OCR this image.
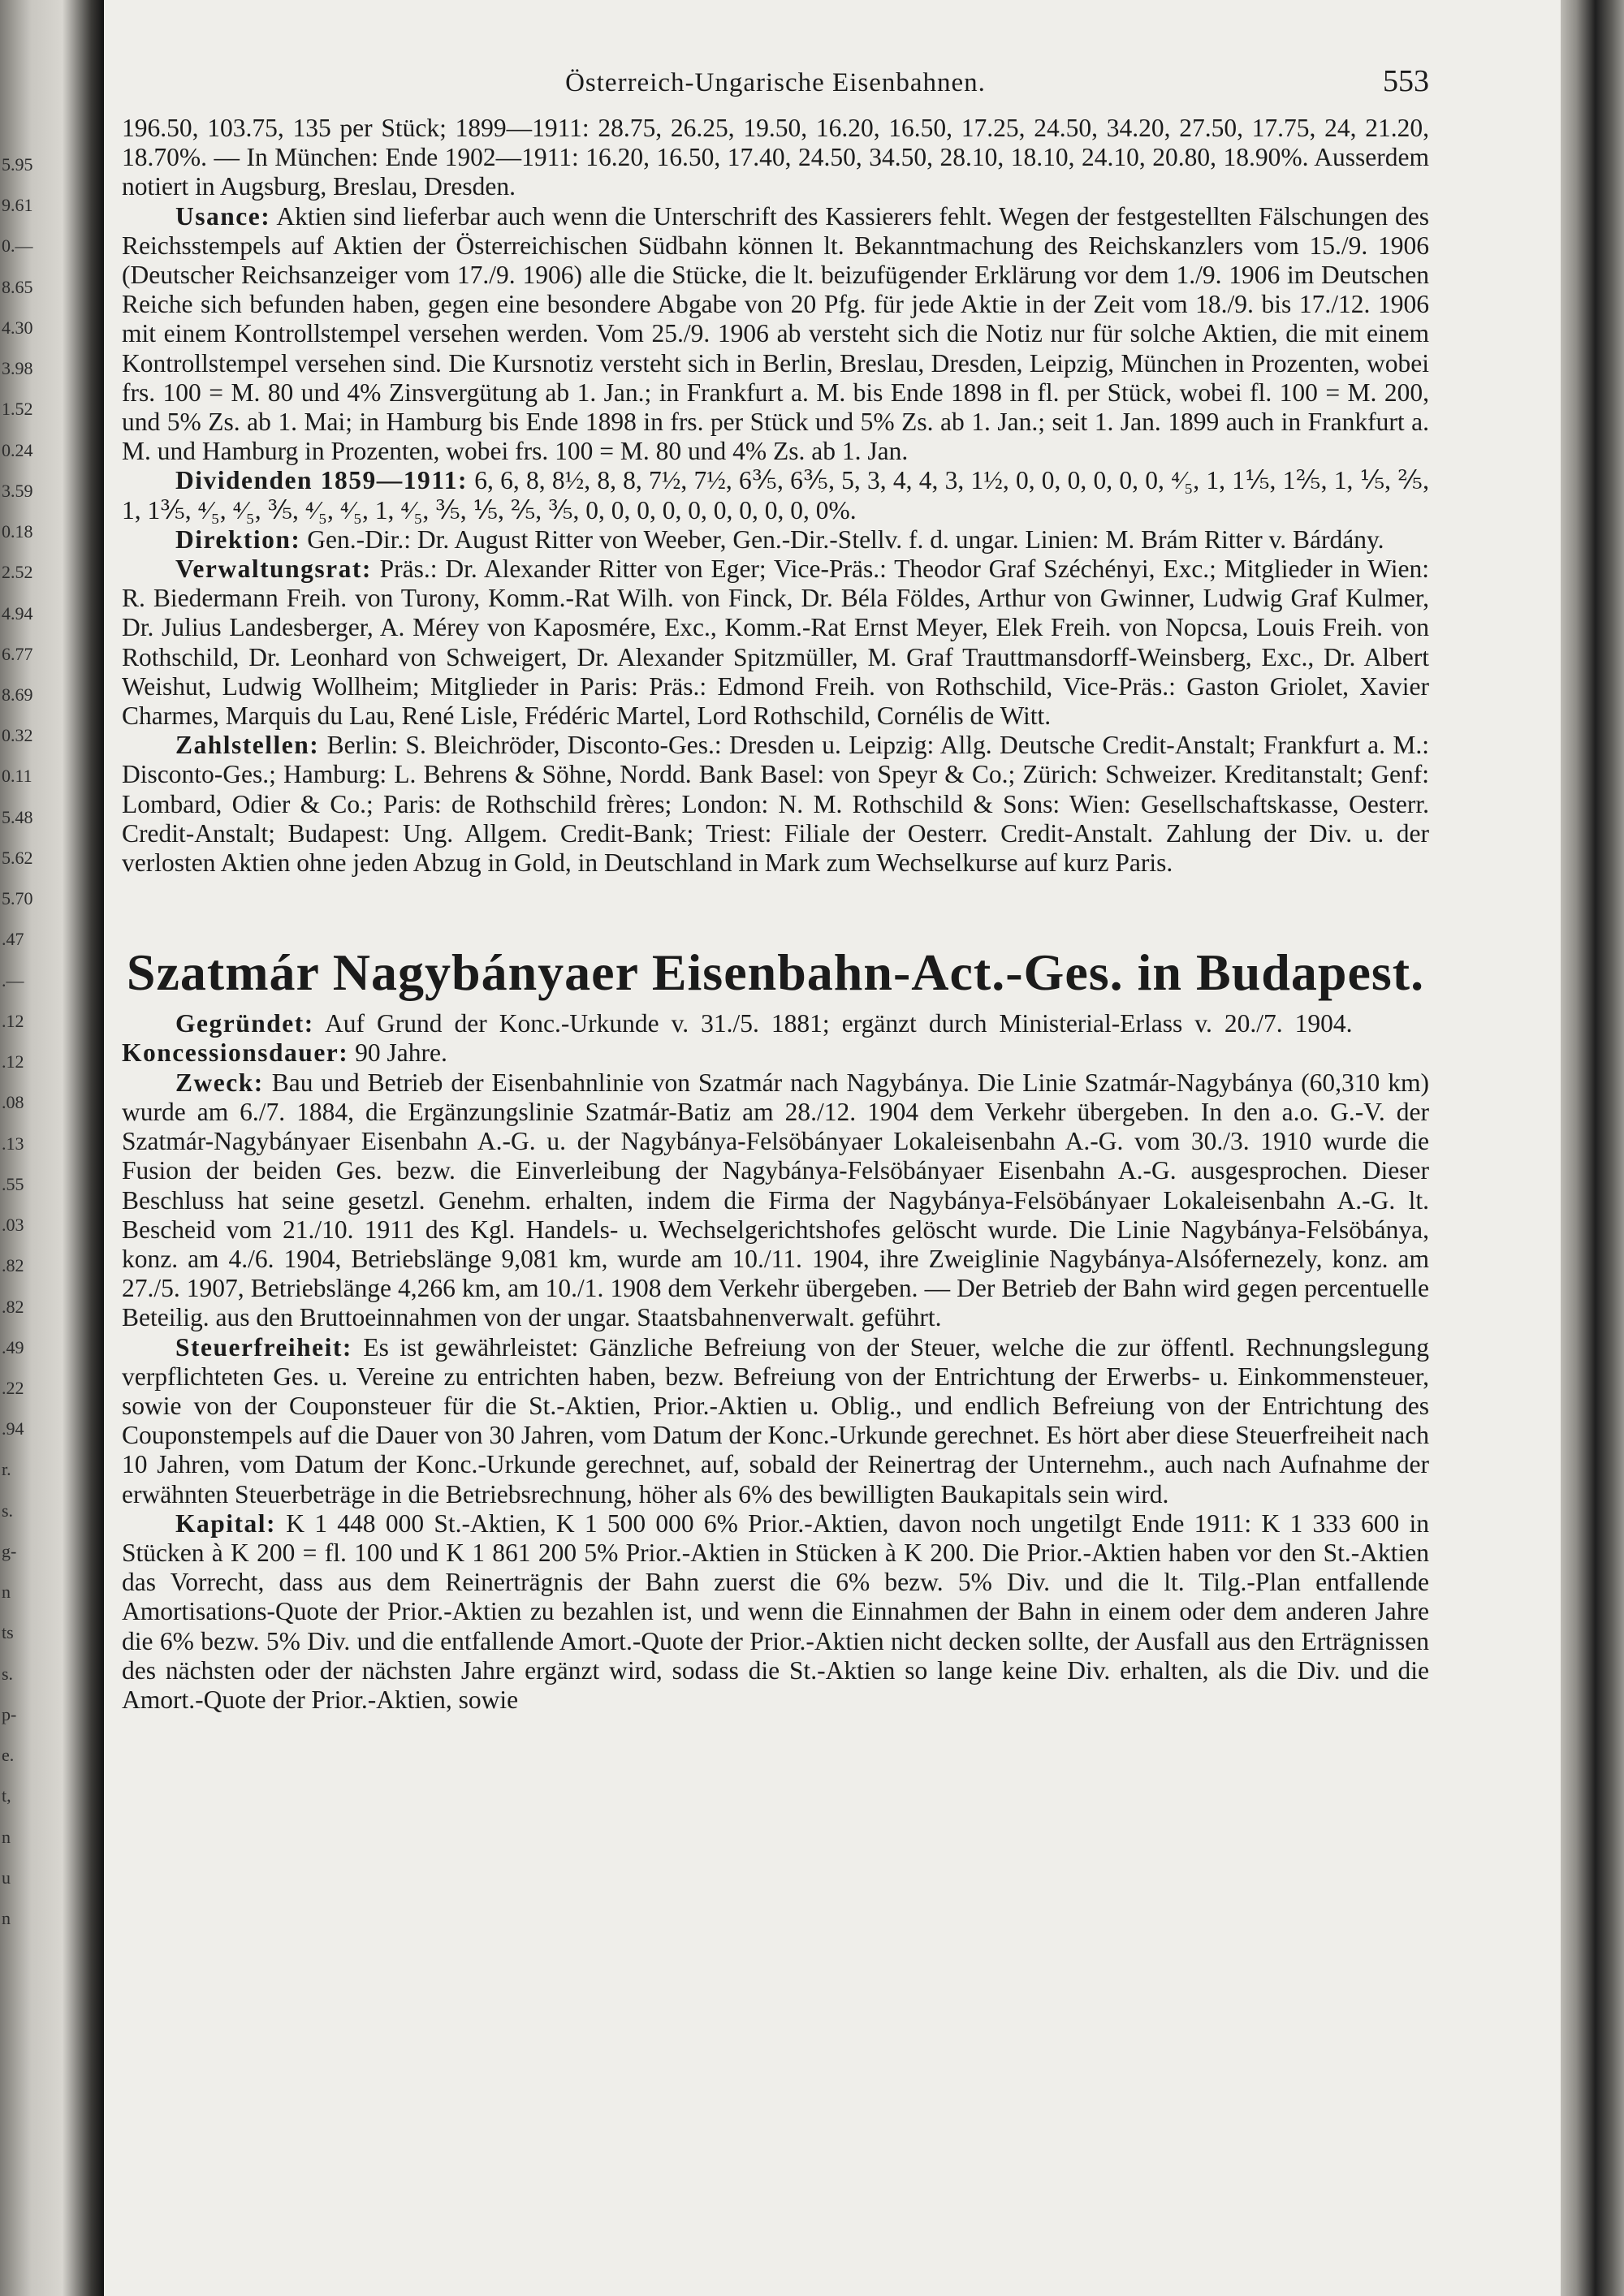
5.95
9.61
0.—
8.65
4.30
3.98
1.52
0.24
3.59
0.18
2.52
4.94
6.77
8.69
0.32
0.11
5.48
5.62
5.70
.47
.—
.12
.12
.08
.13
.55
.03
.82
.82
.49
.22
.94
r.
s.
g-
n
ts
s.
p-
e.
t,
n
u
n
Österreich-Ungarische Eisenbahnen.	553

196.50, 103.75, 135 per Stück; 1899—1911: 28.75, 26.25, 19.50, 16.20, 16.50, 17.25, 24.50, 34.20, 27.50, 17.75, 24, 21.20, 18.70%. — In München: Ende 1902—1911: 16.20, 16.50, 17.40, 24.50, 34.50, 28.10, 18.10, 24.10, 20.80, 18.90%. Ausserdem notiert in Augsburg, Breslau, Dresden.

Usance: Aktien sind lieferbar auch wenn die Unterschrift des Kassierers fehlt. Wegen der festgestellten Fälschungen des Reichsstempels auf Aktien der Österreichischen Südbahn können lt. Bekanntmachung des Reichskanzlers vom 15./9. 1906 (Deutscher Reichsanzeiger vom 17./9. 1906) alle die Stücke, die lt. beizufügender Erklärung vor dem 1./9. 1906 im Deutschen Reiche sich befunden haben, gegen eine besondere Abgabe von 20 Pfg. für jede Aktie in der Zeit vom 18./9. bis 17./12. 1906 mit einem Kontrollstempel versehen werden. Vom 25./9. 1906 ab versteht sich die Notiz nur für solche Aktien, die mit einem Kontrollstempel versehen sind. Die Kursnotiz versteht sich in Berlin, Breslau, Dresden, Leipzig, München in Prozenten, wobei frs. 100 = M. 80 und 4% Zinsvergütung ab 1. Jan.; in Frankfurt a. M. bis Ende 1898 in fl. per Stück, wobei fl. 100 = M. 200, und 5% Zs. ab 1. Mai; in Hamburg bis Ende 1898 in frs. per Stück und 5% Zs. ab 1. Jan.; seit 1. Jan. 1899 auch in Frankfurt a. M. und Hamburg in Prozenten, wobei frs. 100 = M. 80 und 4% Zs. ab 1. Jan.

Dividenden 1859—1911: 6, 6, 8, 8½, 8, 8, 7½, 7½, 6⅗, 6⅗, 5, 3, 4, 4, 3, 1½, 0, 0, 0, 0, 0, 0, ⁴⁄₅, 1, 1⅕, 1⅖, 1, ⅕, ⅖, 1, 1⅗, ⁴⁄₅, ⁴⁄₅, ⅗, ⁴⁄₅, ⁴⁄₅, 1, ⁴⁄₅, ⅗, ⅕, ⅖, ⅗, 0, 0, 0, 0, 0, 0, 0, 0, 0, 0%.

Direktion: Gen.-Dir.: Dr. August Ritter von Weeber, Gen.-Dir.-Stellv. f. d. ungar. Linien: M. Brám Ritter v. Bárdány.

Verwaltungsrat: Präs.: Dr. Alexander Ritter von Eger; Vice-Präs.: Theodor Graf Széchényi, Exc.; Mitglieder in Wien: R. Biedermann Freih. von Turony, Komm.-Rat Wilh. von Finck, Dr. Béla Földes, Arthur von Gwinner, Ludwig Graf Kulmer, Dr. Julius Landesberger, A. Mérey von Kaposmére, Exc., Komm.-Rat Ernst Meyer, Elek Freih. von Nopcsa, Louis Freih. von Rothschild, Dr. Leonhard von Schweigert, Dr. Alexander Spitzmüller, M. Graf Trauttmansdorff-Weinsberg, Exc., Dr. Albert Weishut, Ludwig Wollheim; Mitglieder in Paris: Präs.: Edmond Freih. von Rothschild, Vice-Präs.: Gaston Griolet, Xavier Charmes, Marquis du Lau, René Lisle, Frédéric Martel, Lord Rothschild, Cornélis de Witt.

Zahlstellen: Berlin: S. Bleichröder, Disconto-Ges.: Dresden u. Leipzig: Allg. Deutsche Credit-Anstalt; Frankfurt a. M.: Disconto-Ges.; Hamburg: L. Behrens & Söhne, Nordd. Bank Basel: von Speyr & Co.; Zürich: Schweizer. Kreditanstalt; Genf: Lombard, Odier & Co.; Paris: de Rothschild frères; London: N. M. Rothschild & Sons: Wien: Gesellschaftskasse, Oesterr. Credit-Anstalt; Budapest: Ung. Allgem. Credit-Bank; Triest: Filiale der Oesterr. Credit-Anstalt. Zahlung der Div. u. der verlosten Aktien ohne jeden Abzug in Gold, in Deutschland in Mark zum Wechselkurse auf kurz Paris.

Szatmár Nagybányaer Eisenbahn-Act.-Ges. in Budapest.

Gegründet: Auf Grund der Konc.-Urkunde v. 31./5. 1881; ergänzt durch Ministerial-Erlass v. 20./7. 1904.   Koncessionsdauer: 90 Jahre.

Zweck: Bau und Betrieb der Eisenbahnlinie von Szatmár nach Nagybánya. Die Linie Szatmár-Nagybánya (60,310 km) wurde am 6./7. 1884, die Ergänzungslinie Szatmár-Batiz am 28./12. 1904 dem Verkehr übergeben. In den a.o. G.-V. der Szatmár-Nagybányaer Eisenbahn A.-G. u. der Nagybánya-Felsöbányaer Lokaleisenbahn A.-G. vom 30./3. 1910 wurde die Fusion der beiden Ges. bezw. die Einverleibung der Nagybánya-Felsöbányaer Eisenbahn A.-G. ausgesprochen. Dieser Beschluss hat seine gesetzl. Genehm. erhalten, indem die Firma der Nagybánya-Felsöbányaer Lokaleisenbahn A.-G. lt. Bescheid vom 21./10. 1911 des Kgl. Handels- u. Wechselgerichtshofes gelöscht wurde. Die Linie Nagybánya-Felsöbánya, konz. am 4./6. 1904, Betriebslänge 9,081 km, wurde am 10./11. 1904, ihre Zweiglinie Nagybánya-Alsófernezely, konz. am 27./5. 1907, Betriebslänge 4,266 km, am 10./1. 1908 dem Verkehr übergeben. — Der Betrieb der Bahn wird gegen percentuelle Beteilig. aus den Bruttoeinnahmen von der ungar. Staatsbahnenverwalt. geführt.

Steuerfreiheit: Es ist gewährleistet: Gänzliche Befreiung von der Steuer, welche die zur öffentl. Rechnungslegung verpflichteten Ges. u. Vereine zu entrichten haben, bezw. Befreiung von der Entrichtung der Erwerbs- u. Einkommensteuer, sowie von der Couponsteuer für die St.-Aktien, Prior.-Aktien u. Oblig., und endlich Befreiung von der Entrichtung des Couponstempels auf die Dauer von 30 Jahren, vom Datum der Konc.-Urkunde gerechnet. Es hört aber diese Steuerfreiheit nach 10 Jahren, vom Datum der Konc.-Urkunde gerechnet, auf, sobald der Reinertrag der Unternehm., auch nach Aufnahme der erwähnten Steuerbeträge in die Betriebsrechnung, höher als 6% des bewilligten Baukapitals sein wird.

Kapital: K 1 448 000 St.-Aktien, K 1 500 000 6% Prior.-Aktien, davon noch ungetilgt Ende 1911: K 1 333 600 in Stücken à K 200 = fl. 100 und K 1 861 200 5% Prior.-Aktien in Stücken à K 200. Die Prior.-Aktien haben vor den St.-Aktien das Vorrecht, dass aus dem Reinerträgnis der Bahn zuerst die 6% bezw. 5% Div. und die lt. Tilg.-Plan entfallende Amortisations-Quote der Prior.-Aktien zu bezahlen ist, und wenn die Einnahmen der Bahn in einem oder dem anderen Jahre die 6% bezw. 5% Div. und die entfallende Amort.-Quote der Prior.-Aktien nicht decken sollte, der Ausfall aus den Erträgnissen des nächsten oder der nächsten Jahre ergänzt wird, sodass die St.-Aktien so lange keine Div. erhalten, als die Div. und die Amort.-Quote der Prior.-Aktien, sowie
